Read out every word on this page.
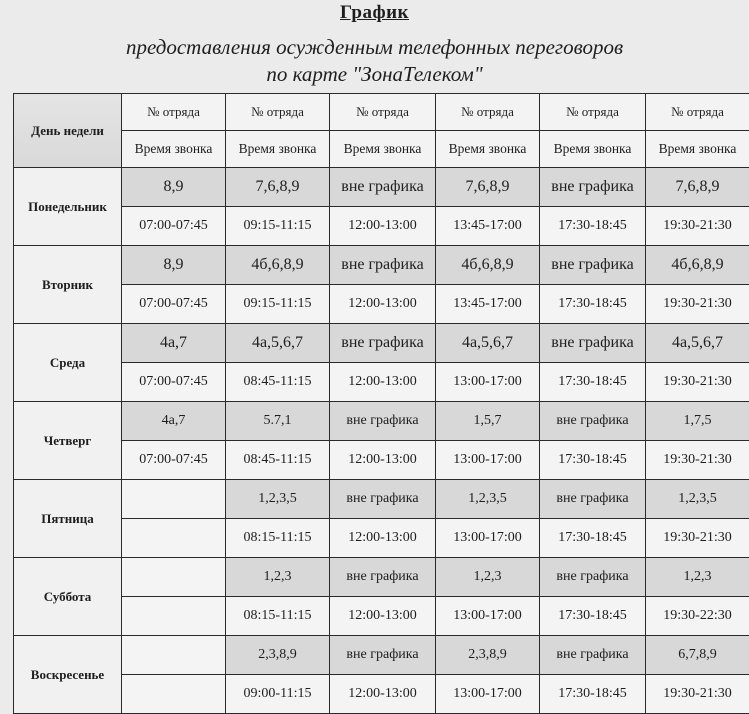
График
предоставления осужденным телефонных переговоров
по карте "ЗонаТелеком"
День недели	№ отряда	№ отряда	№ отряда	№ отряда	№ отряда	№ отряда
	Время звонка	Время звонка	Время звонка	Время звонка	Время звонка	Время звонка
Понедельник	8,9	7,6,8,9	вне графика	7,6,8,9	вне графика	7,6,8,9
	07:00-07:45	09:15-11:15	12:00-13:00	13:45-17:00	17:30-18:45	19:30-21:30
Вторник	8,9	4б,6,8,9	вне графика	4б,6,8,9	вне графика	4б,6,8,9
	07:00-07:45	09:15-11:15	12:00-13:00	13:45-17:00	17:30-18:45	19:30-21:30
Среда	4а,7	4а,5,6,7	вне графика	4а,5,6,7	вне графика	4а,5,6,7
	07:00-07:45	08:45-11:15	12:00-13:00	13:00-17:00	17:30-18:45	19:30-21:30
Четверг	4а,7	5.7,1	вне графика	1,5,7	вне графика	1,7,5
	07:00-07:45	08:45-11:15	12:00-13:00	13:00-17:00	17:30-18:45	19:30-21:30
Пятница		1,2,3,5	вне графика	1,2,3,5	вне графика	1,2,3,5
		08:15-11:15	12:00-13:00	13:00-17:00	17:30-18:45	19:30-21:30
Суббота		1,2,3	вне графика	1,2,3	вне графика	1,2,3
		08:15-11:15	12:00-13:00	13:00-17:00	17:30-18:45	19:30-22:30
Воскресенье		2,3,8,9	вне графика	2,3,8,9	вне графика	6,7,8,9
		09:00-11:15	12:00-13:00	13:00-17:00	17:30-18:45	19:30-21:30
